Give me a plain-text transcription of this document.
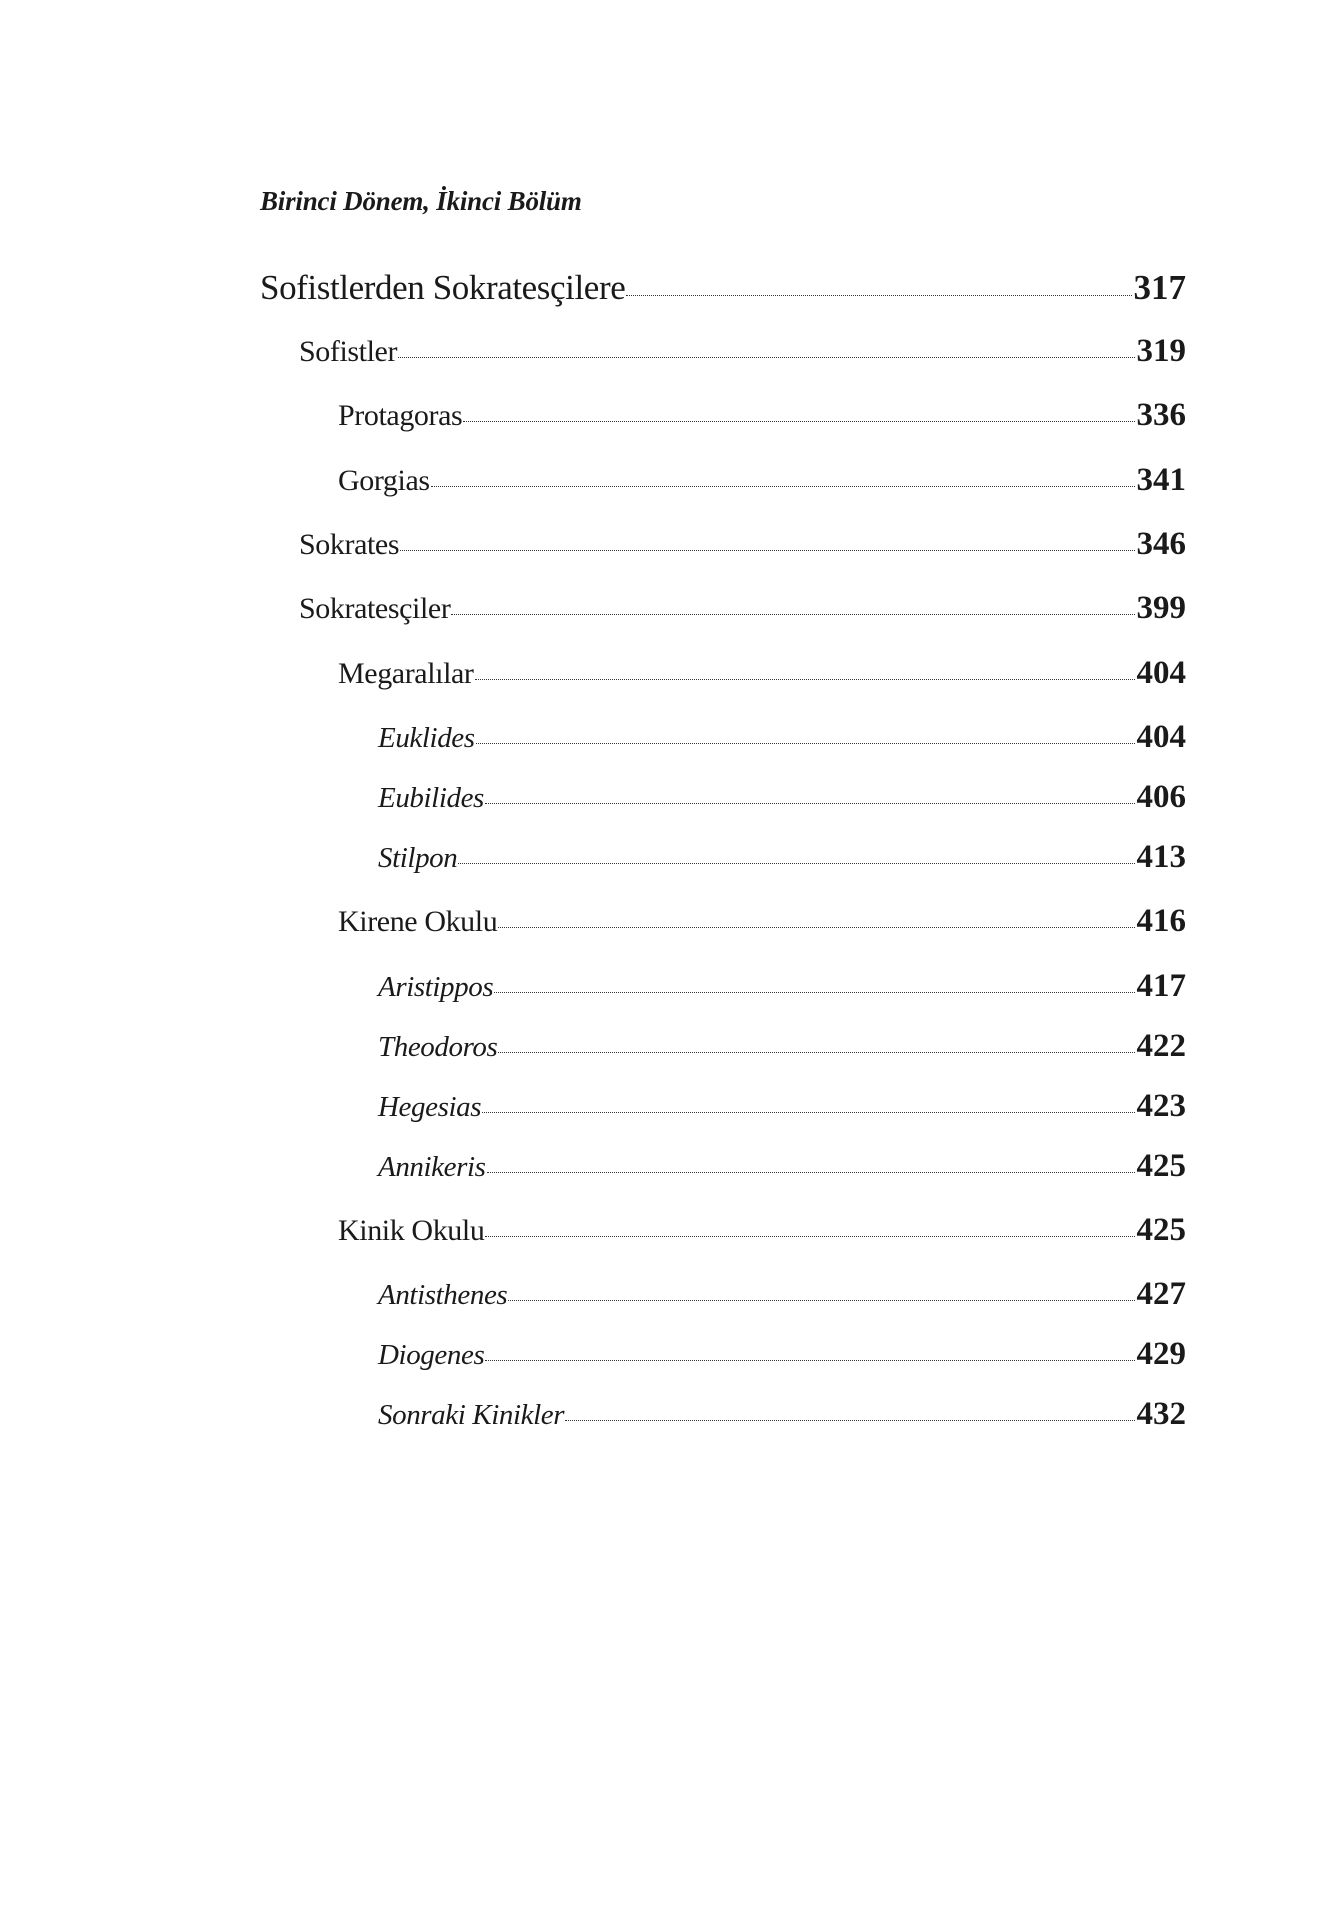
Birinci Dönem, İkinci Bölüm
Sofistlerden Sokratesçilere	317
Sofistler	319
Protagoras	336
Gorgias	341
Sokrates	346
Sokratesçiler	399
Megaralılar	404
Euklides	404
Eubilides	406
Stilpon	413
Kirene Okulu	416
Aristippos	417
Theodoros	422
Hegesias	423
Annikeris	425
Kinik Okulu	425
Antisthenes	427
Diogenes	429
Sonraki Kinikler	432
